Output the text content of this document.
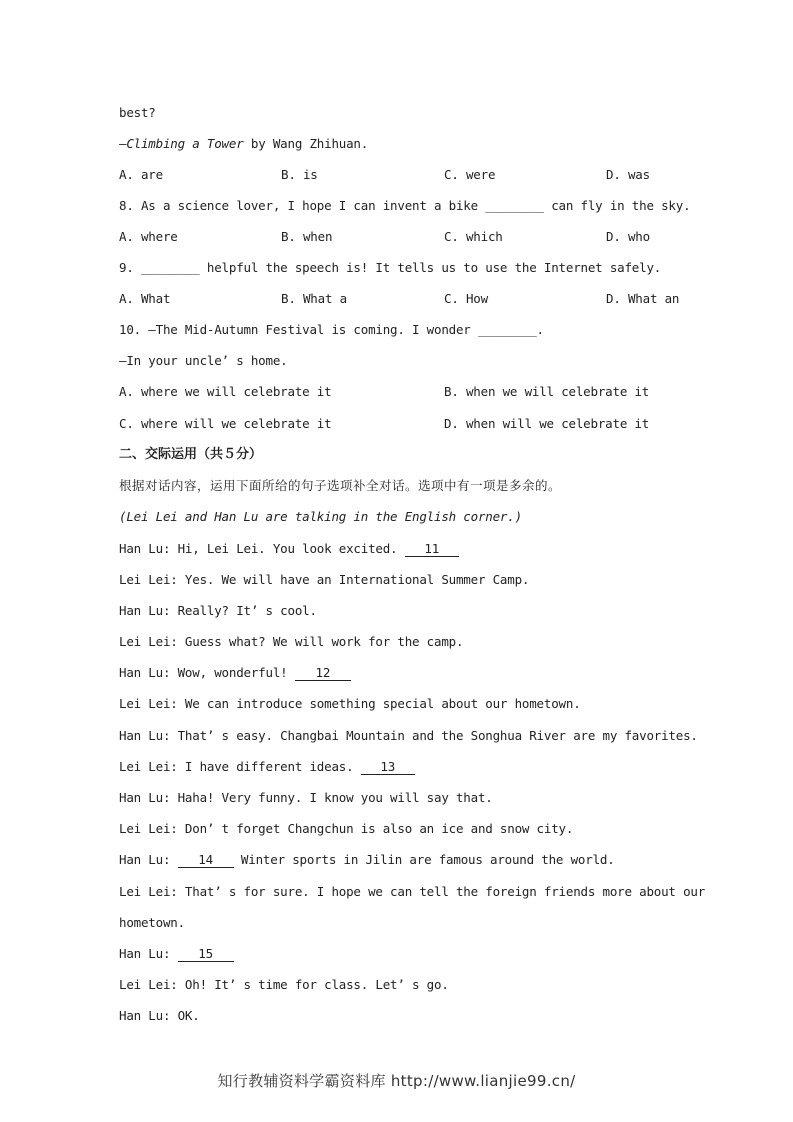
best?
—Climbing a Tower by Wang Zhihuan.
A. are	B. is	C. were	D. was
8. As a science lover, I hope I can invent a bike ________ can fly in the sky.
A. where	B. when	C. which	D. who
9. ________ helpful the speech is! It tells us to use the Internet safely.
A. What	B. What a	C. How	D. What an
10. —The Mid-Autumn Festival is coming. I wonder ________.
—In your uncle’ s home.
A. where we will celebrate it	B. when we will celebrate it
C. where will we celebrate it	D. when will we celebrate it
二、交际运用（共５分）
根据对话内容，运用下面所给的句子选项补全对话。选项中有一项是多余的。
(Lei Lei and Han Lu are talking in the English corner.)
Han Lu: Hi, Lei Lei. You look excited. 11
Lei Lei: Yes. We will have an International Summer Camp.
Han Lu: Really? It’ s cool.
Lei Lei: Guess what? We will work for the camp.
Han Lu: Wow, wonderful! 12
Lei Lei: We can introduce something special about our hometown.
Han Lu: That’ s easy. Changbai Mountain and the Songhua River are my favorites.
Lei Lei: I have different ideas. 13
Han Lu: Haha! Very funny. I know you will say that.
Lei Lei: Don’ t forget Changchun is also an ice and snow city.
Han Lu: 14 Winter sports in Jilin are famous around the world.
Lei Lei: That’ s for sure. I hope we can tell the foreign friends more about our
hometown.
Han Lu: 15
Lei Lei: Oh! It’ s time for class. Let’ s go.
Han Lu: OK.
知行教辅资料学霸资料库 http://www.lianjie99.cn/
